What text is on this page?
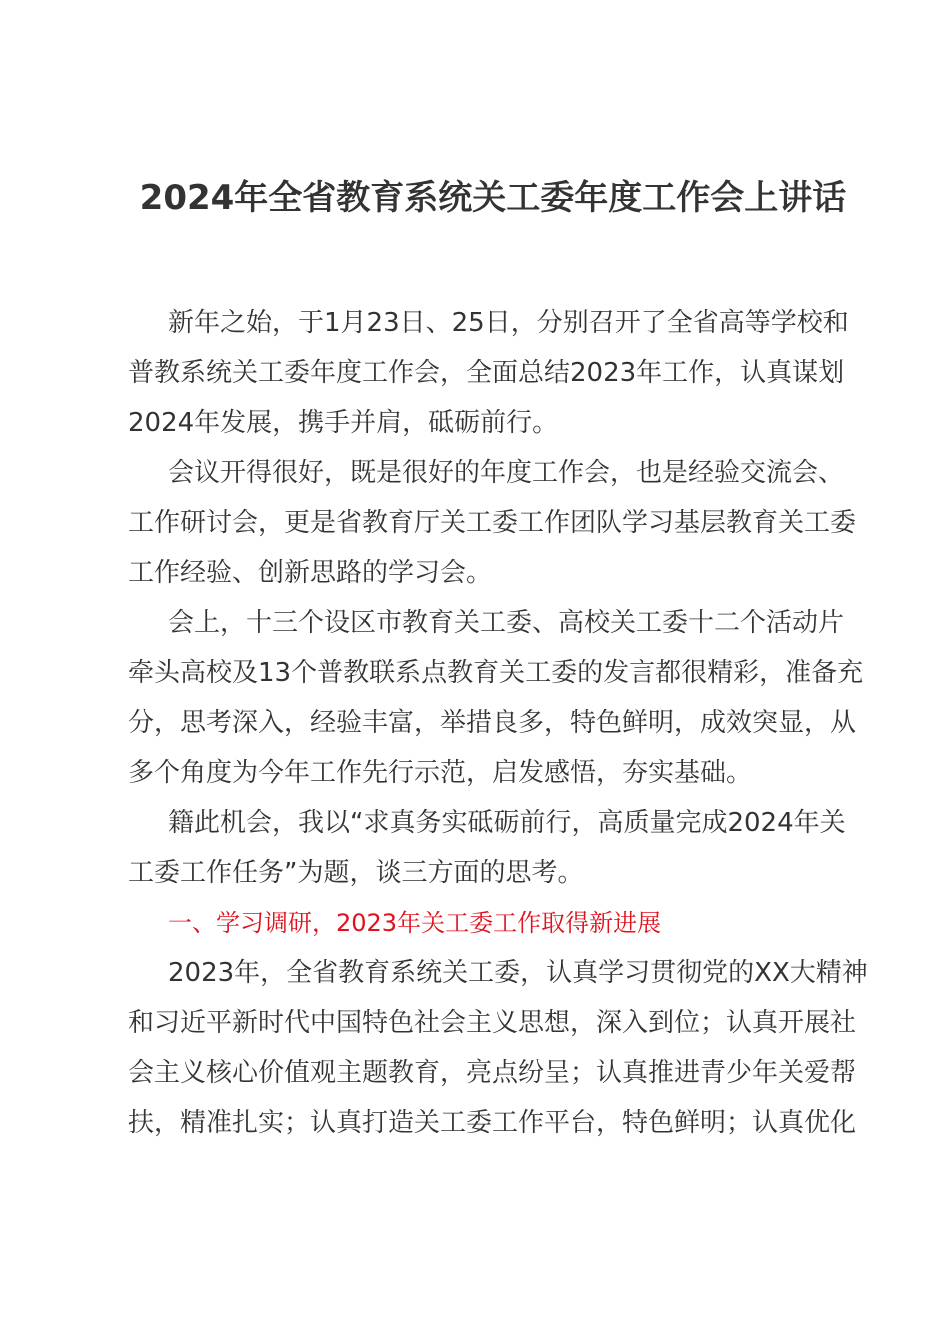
2024年全省教育系统关工委年度工作会上讲话
新年之始，于1月23日、25日，分别召开了全省高等学校和
普教系统关工委年度工作会，全面总结2023年工作，认真谋划
2024年发展，携手并肩，砥砺前行。
会议开得很好，既是很好的年度工作会，也是经验交流会、
工作研讨会，更是省教育厅关工委工作团队学习基层教育关工委
工作经验、创新思路的学习会。
会上，十三个设区市教育关工委、高校关工委十二个活动片
牵头高校及13个普教联系点教育关工委的发言都很精彩，准备充
分，思考深入，经验丰富，举措良多，特色鲜明，成效突显，从
多个角度为今年工作先行示范，启发感悟，夯实基础。
籍此机会，我以“求真务实砥砺前行，高质量完成2024年关
工委工作任务”为题，谈三方面的思考。
一、学习调研，2023年关工委工作取得新进展
2023年，全省教育系统关工委，认真学习贯彻党的XX大精神
和习近平新时代中国特色社会主义思想，深入到位；认真开展社
会主义核心价值观主题教育，亮点纷呈；认真推进青少年关爱帮
扶，精准扎实；认真打造关工委工作平台，特色鲜明；认真优化
